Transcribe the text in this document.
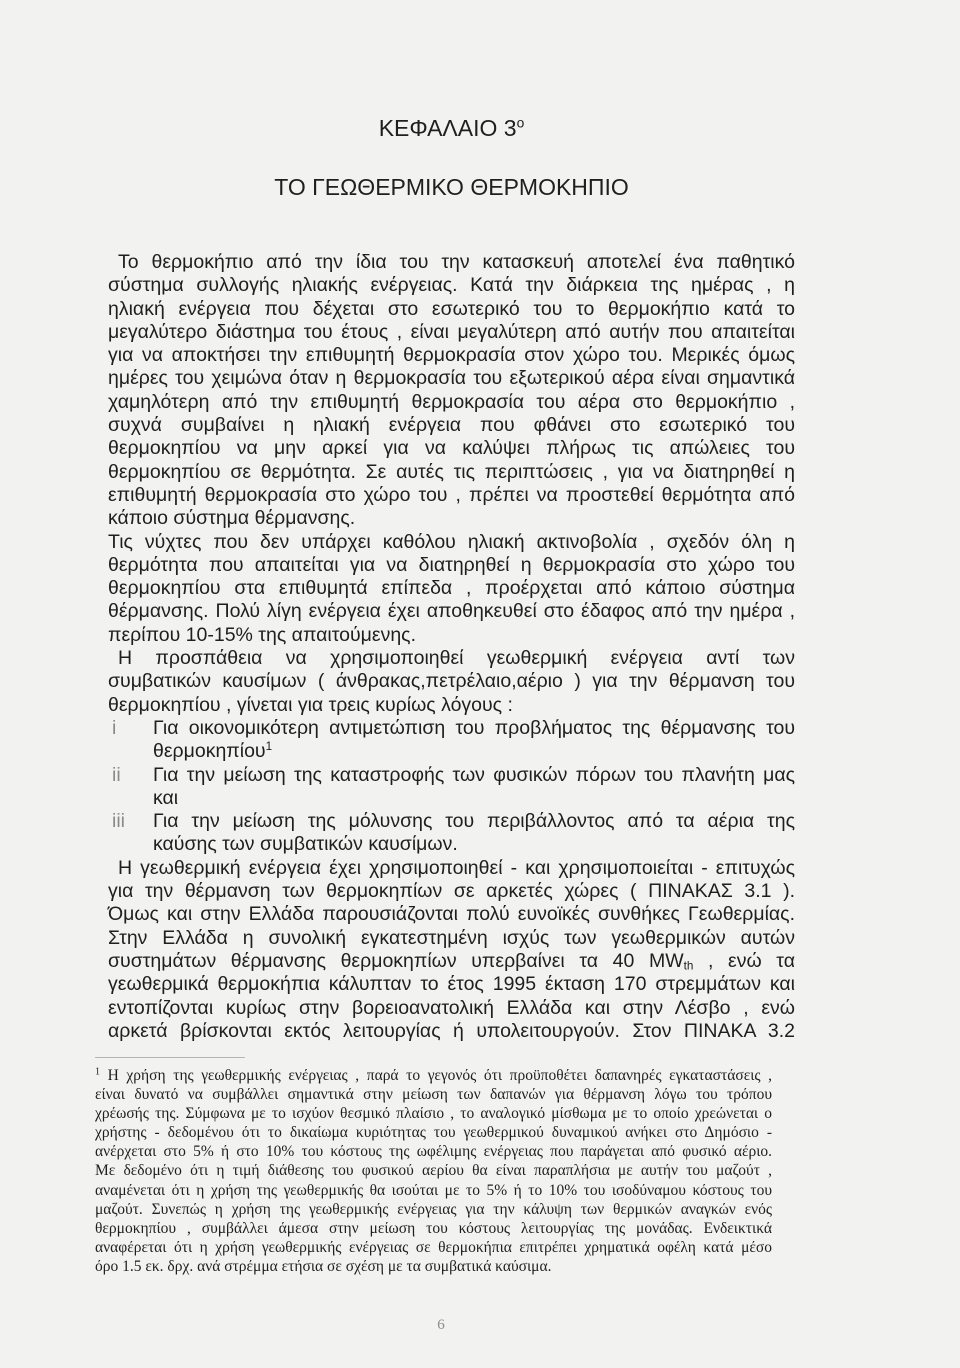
ΚΕΦΑΛΑΙΟ $3^o$
ΤΟ ΓΕΩΘΕΡΜΙΚΟ ΘΕΡΜΟΚΗΠΙΟ
Το θερμοκήπιο από την ίδια του την κατασκευή αποτελεί ένα παθητικό
σύστημα συλλογής ηλιακής ενέργειας. Κατά την διάρκεια της ημέρας , η
ηλιακή ενέργεια που δέχεται στο εσωτερικό του το θερμοκήπιο κατά το
μεγαλύτερο διάστημα του έτους , είναι μεγαλύτερη από αυτήν που απαιτείται
για να αποκτήσει την επιθυμητή θερμοκρασία στον χώρο του. Μερικές όμως
ημέρες του χειμώνα όταν η θερμοκρασία του εξωτερικού αέρα είναι σημαντικά
χαμηλότερη από την επιθυμητή θερμοκρασία του αέρα στο θερμοκήπιο ,
συχνά συμβαίνει η ηλιακή ενέργεια που φθάνει στο εσωτερικό του
θερμοκηπίου να μην αρκεί για να καλύψει πλήρως τις απώλειες του
θερμοκηπίου σε θερμότητα. Σε αυτές τις περιπτώσεις , για να διατηρηθεί η
επιθυμητή θερμοκρασία στο χώρο του , πρέπει να προστεθεί θερμότητα από
κάποιο σύστημα θέρμανσης.
Τις νύχτες που δεν υπάρχει καθόλου ηλιακή ακτινοβολία , σχεδόν όλη η
θερμότητα που απαιτείται για να διατηρηθεί η θερμοκρασία στο χώρο του
θερμοκηπίου στα επιθυμητά επίπεδα , προέρχεται από κάποιο σύστημα
θέρμανσης. Πολύ λίγη ενέργεια έχει αποθηκευθεί στο έδαφος από την ημέρα ,
περίπου 10-15% της απαιτούμενης.
Η προσπάθεια να χρησιμοποιηθεί γεωθερμική ενέργεια αντί των
συμβατικών καυσίμων ( άνθρακας,πετρέλαιο,αέριο ) για την θέρμανση του
θερμοκηπίου , γίνεται για τρεις κυρίως λόγους :
i Για οικονομικότερη αντιμετώπιση του προβλήματος της θέρμανσης του
θερμοκηπίου$^1$
ii Για την μείωση της καταστροφής των φυσικών πόρων του πλανήτη μας
και
iii Για την μείωση της μόλυνσης του περιβάλλοντος από τα αέρια της
καύσης των συμβατικών καυσίμων.
Η γεωθερμική ενέργεια έχει χρησιμοποιηθεί - και χρησιμοποιείται - επιτυχώς
για την θέρμανση των θερμοκηπίων σε αρκετές χώρες ( ΠΙΝΑΚΑΣ 3.1 ).
Όμως και στην Ελλάδα παρουσιάζονται πολύ ευνοϊκές συνθήκες Γεωθερμίας.
Στην Ελλάδα η συνολική εγκατεστημένη ισχύς των γεωθερμικών αυτών
συστημάτων θέρμανσης θερμοκηπίων υπερβαίνει τα 40 $MW_{th}$ , ενώ τα
γεωθερμικά θερμοκήπια κάλυπταν το έτος 1995 έκταση 170 στρεμμάτων και
εντοπίζονται κυρίως στην βορειοανατολική Ελλάδα και στην Λέσβο , ενώ
αρκετά βρίσκονται εκτός λειτουργίας ή υπολειτουργούν. Στον ΠΙΝΑΚΑ 3.2
$^1$ Η χρήση της γεωθερμικής ενέργειας , παρά το γεγονός ότι προϋποθέτει δαπανηρές εγκαταστάσεις ,
είναι δυνατό να συμβάλλει σημαντικά στην μείωση των δαπανών για θέρμανση λόγω του τρόπου
χρέωσής της. Σύμφωνα με το ισχύον θεσμικό πλαίσιο , το αναλογικό μίσθωμα με το οποίο χρεώνεται ο
χρήστης - δεδομένου ότι το δικαίωμα κυριότητας του γεωθερμικού δυναμικού ανήκει στο Δημόσιο -
ανέρχεται στο 5% ή στο 10% του κόστους της ωφέλιμης ενέργειας που παράγεται από φυσικό αέριο.
Με δεδομένο ότι η τιμή διάθεσης του φυσικού αερίου θα είναι παραπλήσια με αυτήν του μαζούτ ,
αναμένεται ότι η χρήση της γεωθερμικής θα ισούται με το 5% ή το 10% του ισοδύναμου κόστους του
μαζούτ. Συνεπώς η χρήση της γεωθερμικής ενέργειας για την κάλυψη των θερμικών αναγκών ενός
θερμοκηπίου , συμβάλλει άμεσα στην μείωση του κόστους λειτουργίας της μονάδας. Ενδεικτικά
αναφέρεται ότι η χρήση γεωθερμικής ενέργειας σε θερμοκήπια επιτρέπει χρηματικά οφέλη κατά μέσο
όρο 1.5 εκ. δρχ. ανά στρέμμα ετήσια σε σχέση με τα συμβατικά καύσιμα.
6
